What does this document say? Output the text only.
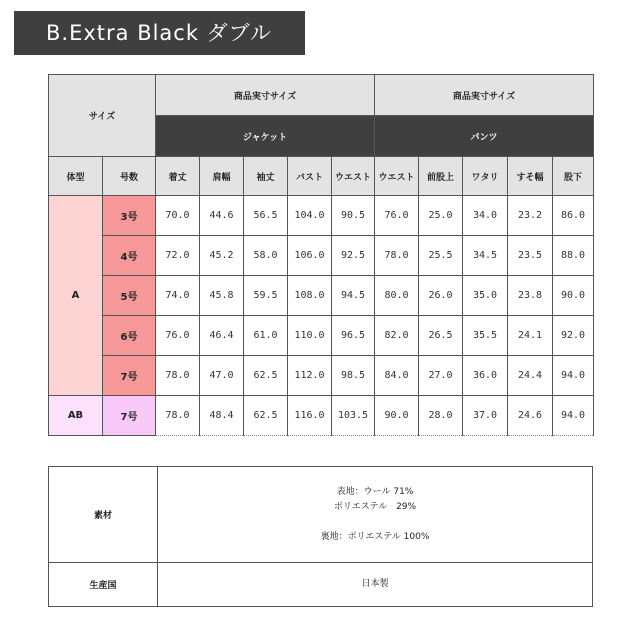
B.Extra Black ダブル
サイズ		商品実寸サイズ					商品実寸サイズ				
		ジャケット					パンツ				
体型	号数	着丈	肩幅	袖丈	バスト	ウエスト	ウエスト	前股上	ワタリ	すそ幅	股下
A	3号	70.0	44.6	56.5	104.0	90.5	76.0	25.0	34.0	23.2	86.0
	4号	72.0	45.2	58.0	106.0	92.5	78.0	25.5	34.5	23.5	88.0
	5号	74.0	45.8	59.5	108.0	94.5	80.0	26.0	35.0	23.8	90.0
	6号	76.0	46.4	61.0	110.0	96.5	82.0	26.5	35.5	24.1	92.0
	7号	78.0	47.0	62.5	112.0	98.5	84.0	27.0	36.0	24.4	94.0
AB	7号	78.0	48.4	62.5	116.0	103.5	90.0	28.0	37.0	24.6	94.0
素材	表地：ウール 71%
ポリエステル　29%
裏地：ポリエステル 100%

生産国	日本製
